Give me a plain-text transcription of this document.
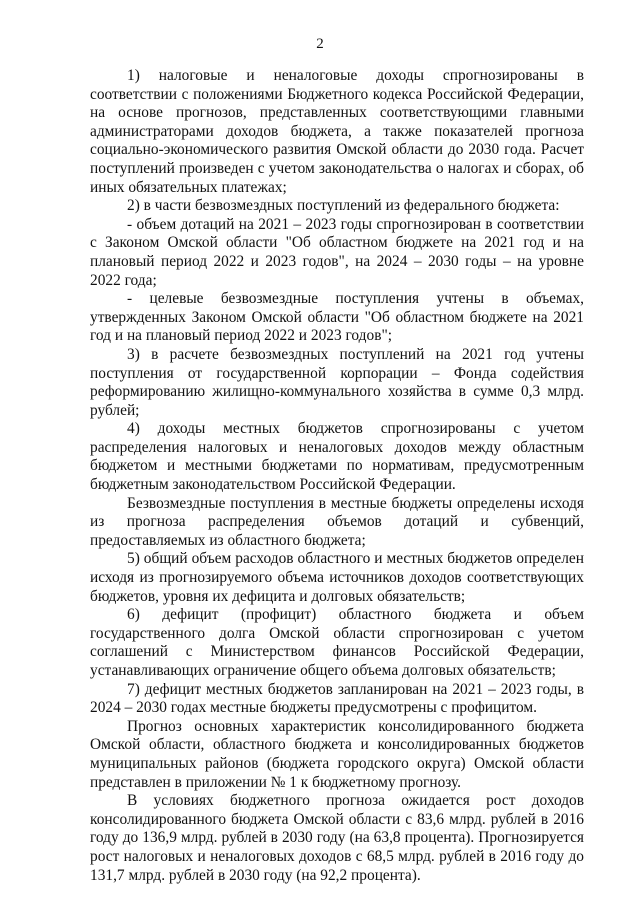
2

1) налоговые и неналоговые доходы спрогнозированы в соответствии с положениями Бюджетного кодекса Российской Федерации, на основе прогнозов, представленных соответствующими главными администраторами доходов бюджета, а также показателей прогноза социально-экономического развития Омской области до 2030 года. Расчет поступлений произведен с учетом законодательства о налогах и сборах, об иных обязательных платежах;

2) в части безвозмездных поступлений из федерального бюджета:

- объем дотаций на 2021 – 2023 годы спрогнозирован в соответствии с Законом Омской области "Об областном бюджете на 2021 год и на плановый период 2022 и 2023 годов", на 2024 – 2030 годы – на уровне 2022 года;

- целевые безвозмездные поступления учтены в объемах, утвержденных Законом Омской области "Об областном бюджете на 2021 год и на плановый период 2022 и 2023 годов";

3) в расчете безвозмездных поступлений на 2021 год учтены поступления от государственной корпорации – Фонда содействия реформированию жилищно-коммунального хозяйства в сумме 0,3 млрд. рублей;

4) доходы местных бюджетов спрогнозированы с учетом распределения налоговых и неналоговых доходов между областным бюджетом и местными бюджетами по нормативам, предусмотренным бюджетным законодательством Российской Федерации.

Безвозмездные поступления в местные бюджеты определены исходя из прогноза распределения объемов дотаций и субвенций, предоставляемых из областного бюджета;

5) общий объем расходов областного и местных бюджетов определен исходя из прогнозируемого объема источников доходов соответствующих бюджетов, уровня их дефицита и долговых обязательств;

6) дефицит (профицит) областного бюджета и объем государственного долга Омской области спрогнозирован с учетом соглашений с Министерством финансов Российской Федерации, устанавливающих ограничение общего объема долговых обязательств;

7) дефицит местных бюджетов запланирован на 2021 – 2023 годы, в 2024 – 2030 годах местные бюджеты предусмотрены с профицитом.

Прогноз основных характеристик консолидированного бюджета Омской области, областного бюджета и консолидированных бюджетов муниципальных районов (бюджета городского округа) Омской области представлен в приложении № 1 к бюджетному прогнозу.

В условиях бюджетного прогноза ожидается рост доходов консолидированного бюджета Омской области с 83,6 млрд. рублей в 2016 году до 136,9 млрд. рублей в 2030 году (на 63,8 процента). Прогнозируется рост налоговых и неналоговых доходов с 68,5 млрд. рублей в 2016 году до 131,7 млрд. рублей в 2030 году (на 92,2 процента).
